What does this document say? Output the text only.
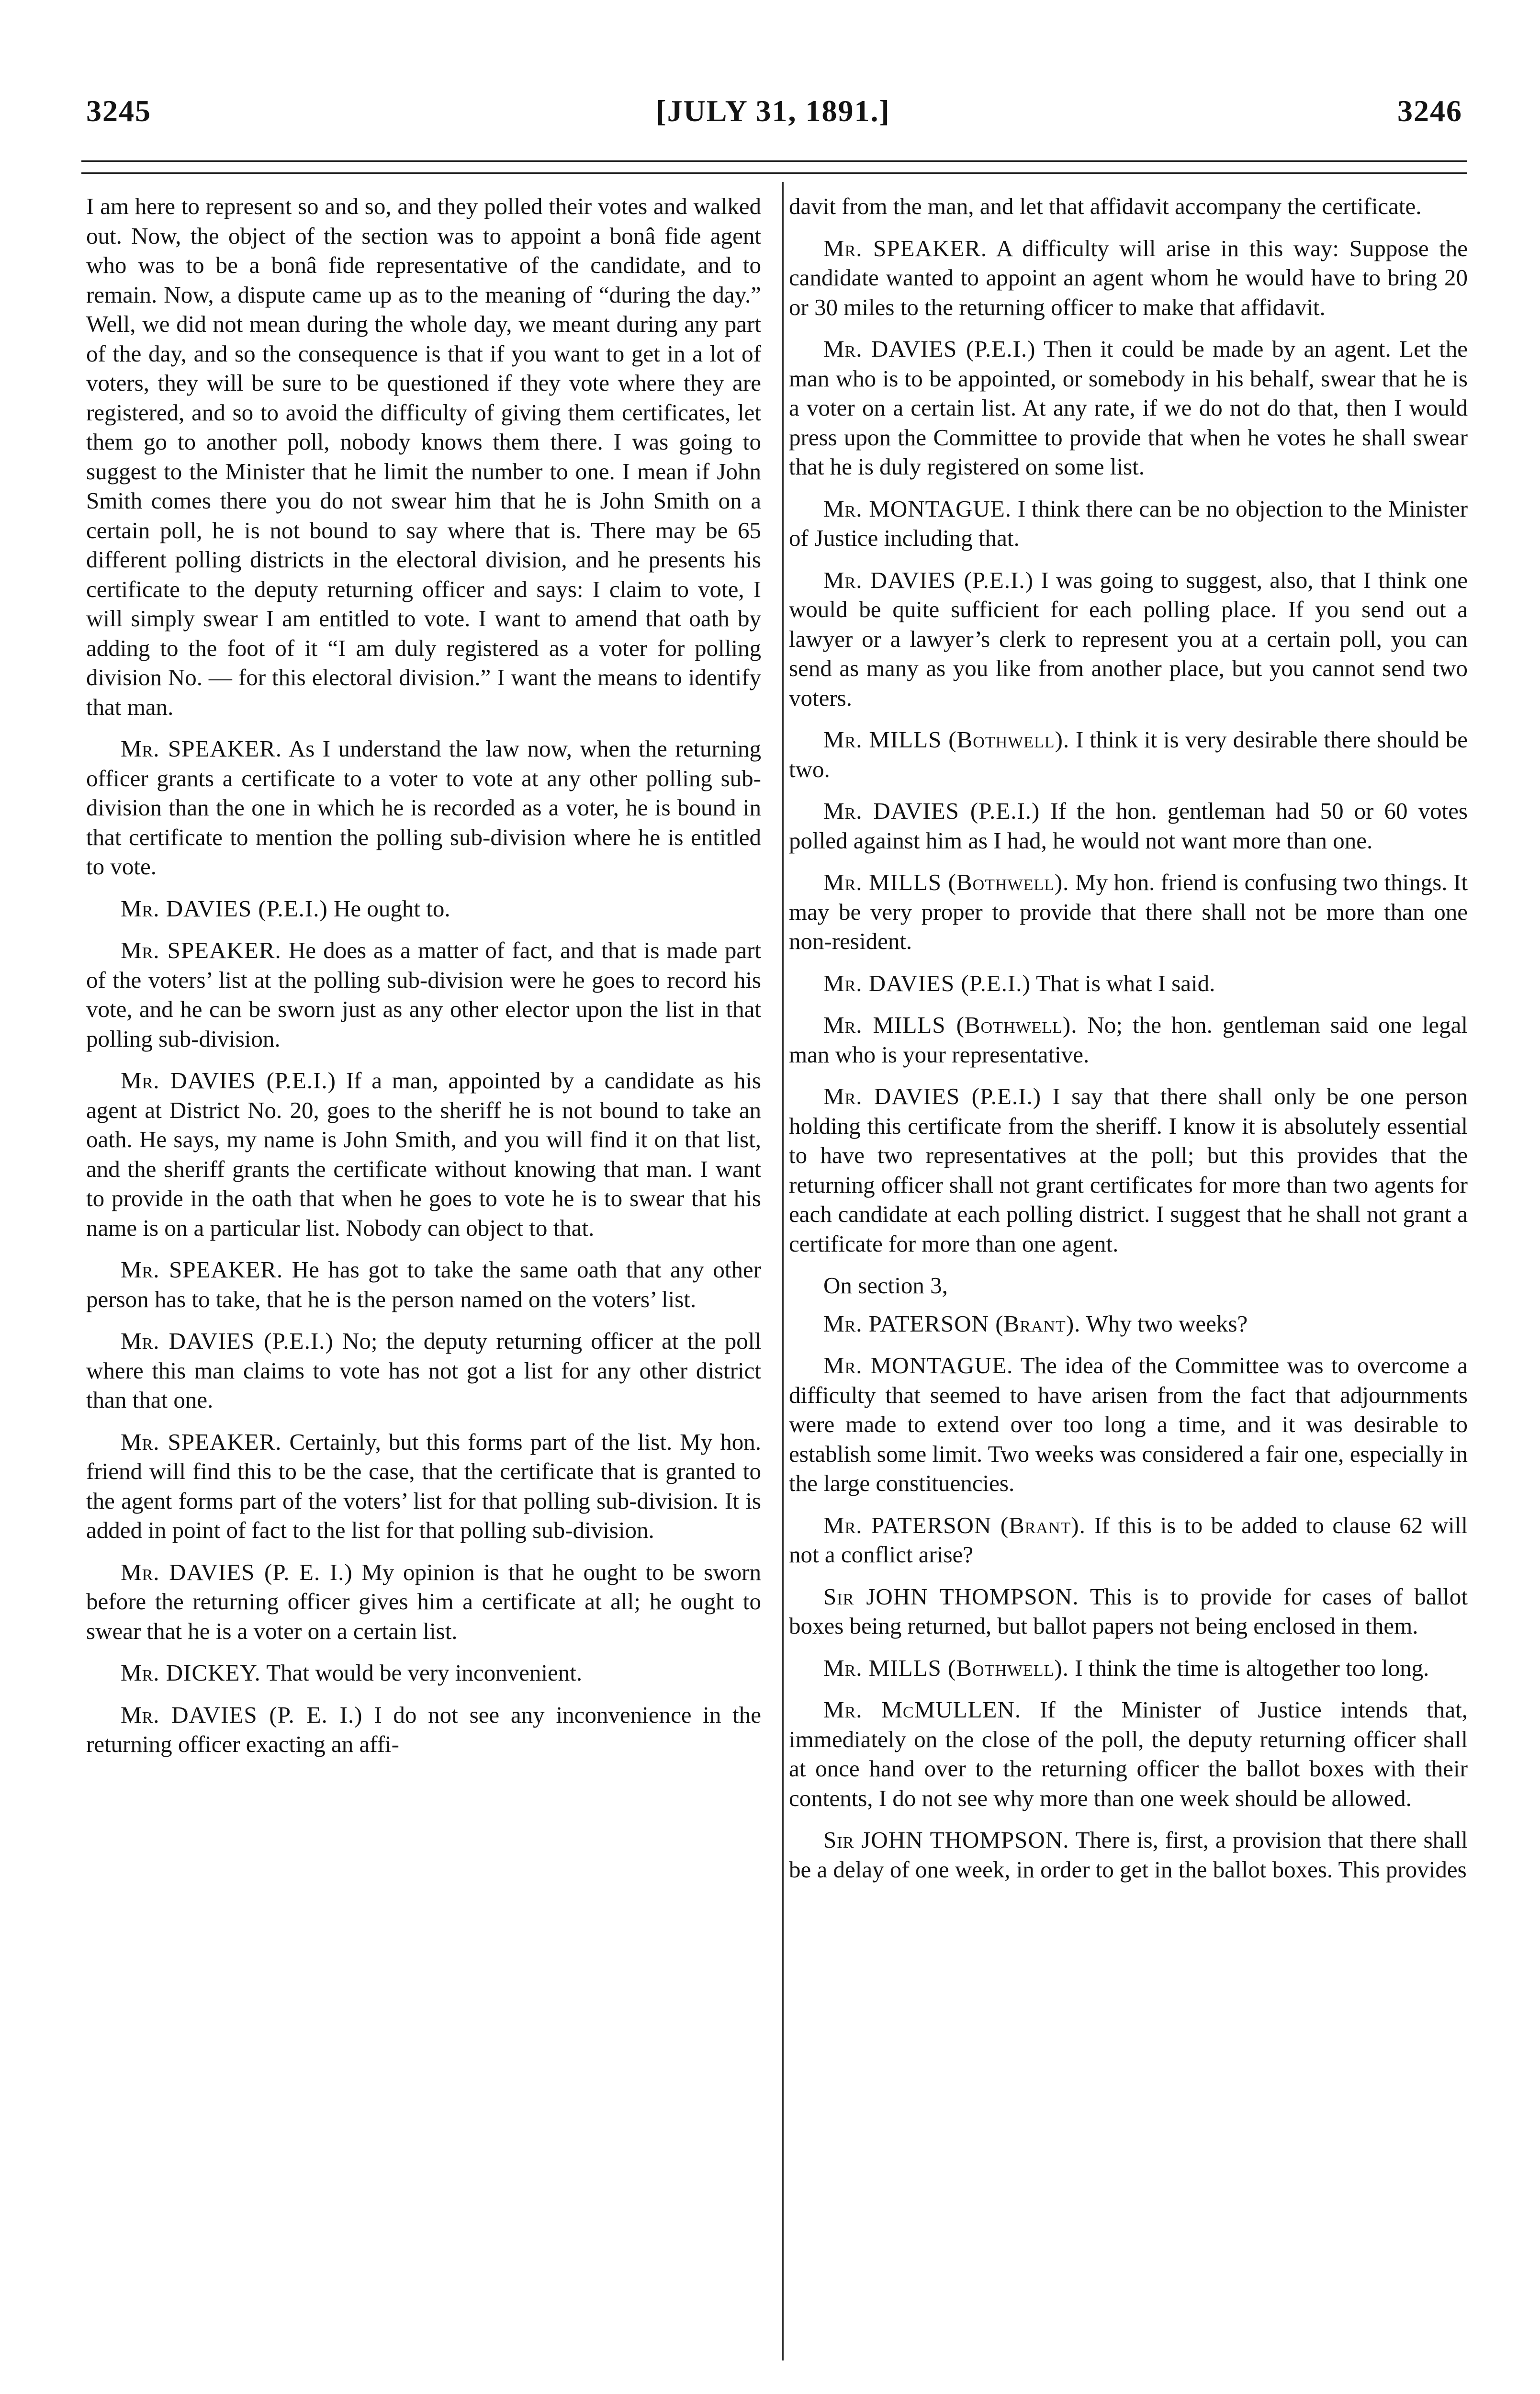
3245	[JULY 31, 1891.]	3246

I am here to represent so and so, and they polled their votes and walked out. Now, the object of the section was to appoint a bonâ fide agent who was to be a bonâ fide representative of the candidate, and to remain. Now, a dispute came up as to the meaning of “during the day.” Well, we did not mean during the whole day, we meant during any part of the day, and so the consequence is that if you want to get in a lot of voters, they will be sure to be questioned if they vote where they are registered, and so to avoid the difficulty of giving them certificates, let them go to another poll, nobody knows them there. I was going to suggest to the Minister that he limit the number to one. I mean if John Smith comes there you do not swear him that he is John Smith on a certain poll, he is not bound to say where that is. There may be 65 different polling districts in the electoral division, and he presents his certificate to the deputy returning officer and says: I claim to vote, I will simply swear I am entitled to vote. I want to amend that oath by adding to the foot of it “I am duly registered as a voter for polling division No. — for this electoral division.” I want the means to identify that man.

Mr. SPEAKER. As I understand the law now, when the returning officer grants a certificate to a voter to vote at any other polling sub-division than the one in which he is recorded as a voter, he is bound in that certificate to mention the polling sub-division where he is entitled to vote.

Mr. DAVIES (P.E.I.) He ought to.

Mr. SPEAKER. He does as a matter of fact, and that is made part of the voters’ list at the polling sub-division were he goes to record his vote, and he can be sworn just as any other elector upon the list in that polling sub-division.

Mr. DAVIES (P.E.I.) If a man, appointed by a candidate as his agent at District No. 20, goes to the sheriff he is not bound to take an oath. He says, my name is John Smith, and you will find it on that list, and the sheriff grants the certificate without knowing that man. I want to provide in the oath that when he goes to vote he is to swear that his name is on a particular list. Nobody can object to that.

Mr. SPEAKER. He has got to take the same oath that any other person has to take, that he is the person named on the voters’ list.

Mr. DAVIES (P.E.I.) No; the deputy returning officer at the poll where this man claims to vote has not got a list for any other district than that one.

Mr. SPEAKER. Certainly, but this forms part of the list. My hon. friend will find this to be the case, that the certificate that is granted to the agent forms part of the voters’ list for that polling sub-division. It is added in point of fact to the list for that polling sub-division.

Mr. DAVIES (P. E. I.) My opinion is that he ought to be sworn before the returning officer gives him a certificate at all; he ought to swear that he is a voter on a certain list.

Mr. DICKEY. That would be very inconvenient.

Mr. DAVIES (P. E. I.) I do not see any inconvenience in the returning officer exacting an affi-

davit from the man, and let that affidavit accompany the certificate.

Mr. SPEAKER. A difficulty will arise in this way: Suppose the candidate wanted to appoint an agent whom he would have to bring 20 or 30 miles to the returning officer to make that affidavit.

Mr. DAVIES (P.E.I.) Then it could be made by an agent. Let the man who is to be appointed, or somebody in his behalf, swear that he is a voter on a certain list. At any rate, if we do not do that, then I would press upon the Committee to provide that when he votes he shall swear that he is duly registered on some list.

Mr. MONTAGUE. I think there can be no objection to the Minister of Justice including that.

Mr. DAVIES (P.E.I.) I was going to suggest, also, that I think one would be quite sufficient for each polling place. If you send out a lawyer or a lawyer’s clerk to represent you at a certain poll, you can send as many as you like from another place, but you cannot send two voters.

Mr. MILLS (Bothwell). I think it is very desirable there should be two.

Mr. DAVIES (P.E.I.) If the hon. gentleman had 50 or 60 votes polled against him as I had, he would not want more than one.

Mr. MILLS (Bothwell). My hon. friend is confusing two things. It may be very proper to provide that there shall not be more than one non-resident.

Mr. DAVIES (P.E.I.) That is what I said.

Mr. MILLS (Bothwell). No; the hon. gentleman said one legal man who is your representative.

Mr. DAVIES (P.E.I.) I say that there shall only be one person holding this certificate from the sheriff. I know it is absolutely essential to have two representatives at the poll; but this provides that the returning officer shall not grant certificates for more than two agents for each candidate at each polling district. I suggest that he shall not grant a certificate for more than one agent.

On section 3,

Mr. PATERSON (Brant). Why two weeks?

Mr. MONTAGUE. The idea of the Committee was to overcome a difficulty that seemed to have arisen from the fact that adjournments were made to extend over too long a time, and it was desirable to establish some limit. Two weeks was considered a fair one, especially in the large constituencies.

Mr. PATERSON (Brant). If this is to be added to clause 62 will not a conflict arise?

Sir JOHN THOMPSON. This is to provide for cases of ballot boxes being returned, but ballot papers not being enclosed in them.

Mr. MILLS (Bothwell). I think the time is altogether too long.

Mr. McMULLEN. If the Minister of Justice intends that, immediately on the close of the poll, the deputy returning officer shall at once hand over to the returning officer the ballot boxes with their contents, I do not see why more than one week should be allowed.

Sir JOHN THOMPSON. There is, first, a provision that there shall be a delay of one week, in order to get in the ballot boxes. This provides
